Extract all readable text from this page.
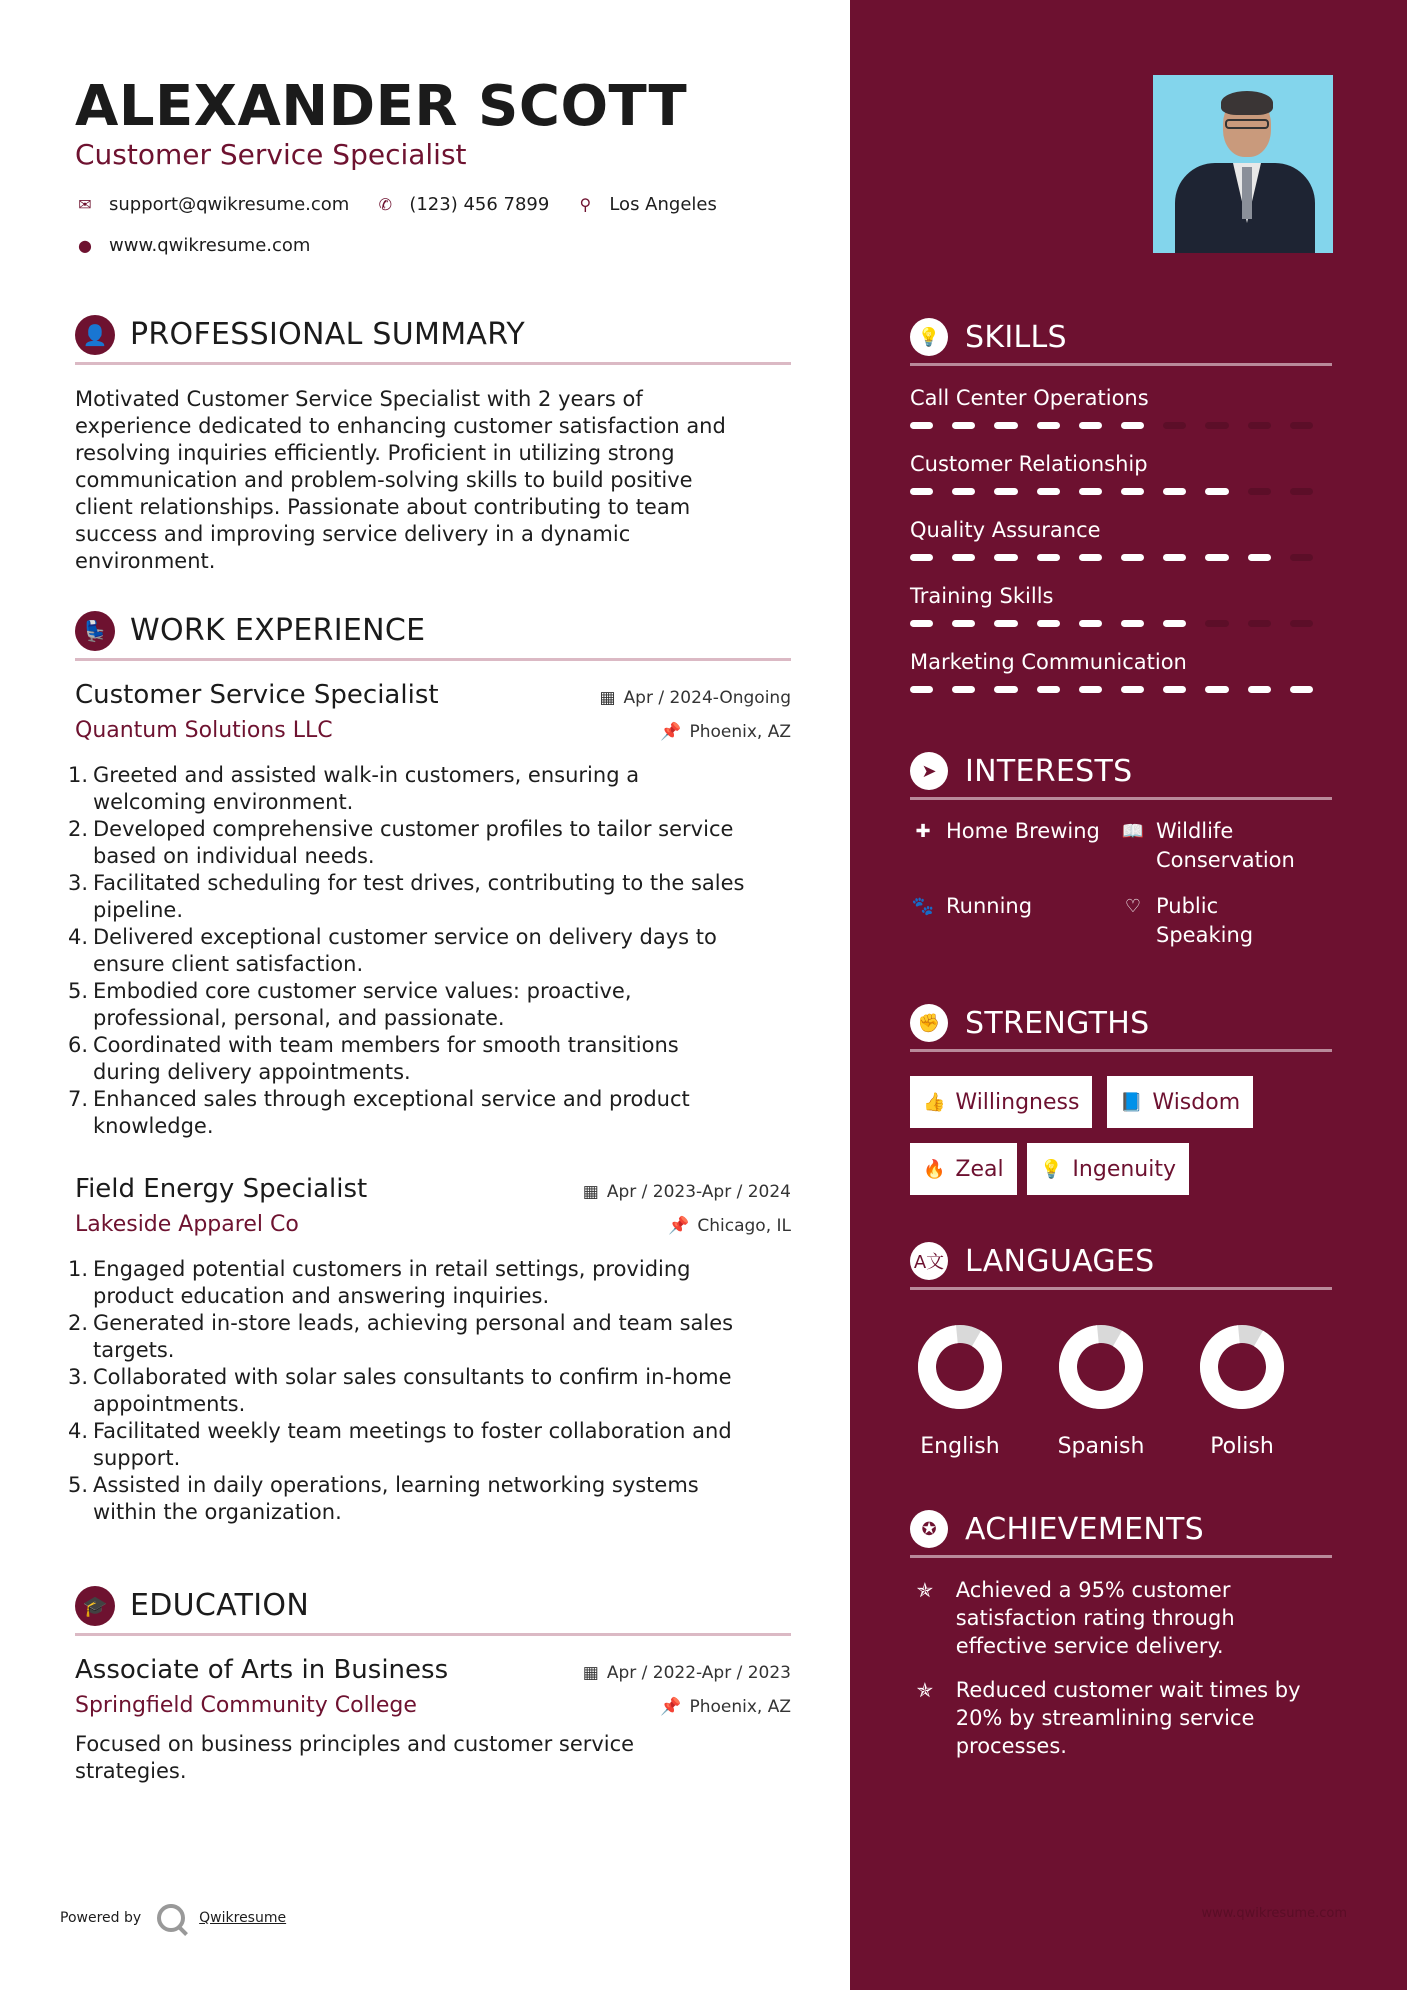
ALEXANDER SCOTT
Customer Service Specialist
✉ support@qwikresume.com ✆ (123) 456 7899 ⚲ Los Angeles
● www.qwikresume.com
👤 PROFESSIONAL SUMMARY
Motivated Customer Service Specialist with 2 years of
experience dedicated to enhancing customer satisfaction and
resolving inquiries efficiently. Proficient in utilizing strong
communication and problem-solving skills to build positive
client relationships. Passionate about contributing to team
success and improving service delivery in a dynamic
environment.
💺 WORK EXPERIENCE
Customer Service Specialist	▦ Apr / 2024-Ongoing
Quantum Solutions LLC	📌 Phoenix, AZ
1. Greeted and assisted walk-in customers, ensuring a
welcoming environment.
2. Developed comprehensive customer profiles to tailor service
based on individual needs.
3. Facilitated scheduling for test drives, contributing to the sales
pipeline.
4. Delivered exceptional customer service on delivery days to
ensure client satisfaction.
5. Embodied core customer service values: proactive,
professional, personal, and passionate.
6. Coordinated with team members for smooth transitions
during delivery appointments.
7. Enhanced sales through exceptional service and product
knowledge.
Field Energy Specialist	▦ Apr / 2023-Apr / 2024
Lakeside Apparel Co	📌 Chicago, IL
1. Engaged potential customers in retail settings, providing
product education and answering inquiries.
2. Generated in-store leads, achieving personal and team sales
targets.
3. Collaborated with solar sales consultants to confirm in-home
appointments.
4. Facilitated weekly team meetings to foster collaboration and
support.
5. Assisted in daily operations, learning networking systems
within the organization.
🎓 EDUCATION
Associate of Arts in Business	▦ Apr / 2022-Apr / 2023
Springfield Community College	📌 Phoenix, AZ
Focused on business principles and customer service
strategies.
Powered by	Qwikresume
💡 SKILLS
Call Center Operations
Customer Relationship
Quality Assurance
Training Skills
Marketing Communication
➤ INTERESTS
✚ Home Brewing 📖 Wildlife
Conservation
🐾 Running	♡ Public
Speaking
✊ STRENGTHS
👍 Willingness 📘 Wisdom
🔥 Zeal 💡 Ingenuity
A文 LANGUAGES
English	Spanish	Polish
✪ ACHIEVEMENTS
✯	Achieved a 95% customer
satisfaction rating through
effective service delivery.
✯	Reduced customer wait times by
20% by streamlining service
processes.
www.qwikresume.com
